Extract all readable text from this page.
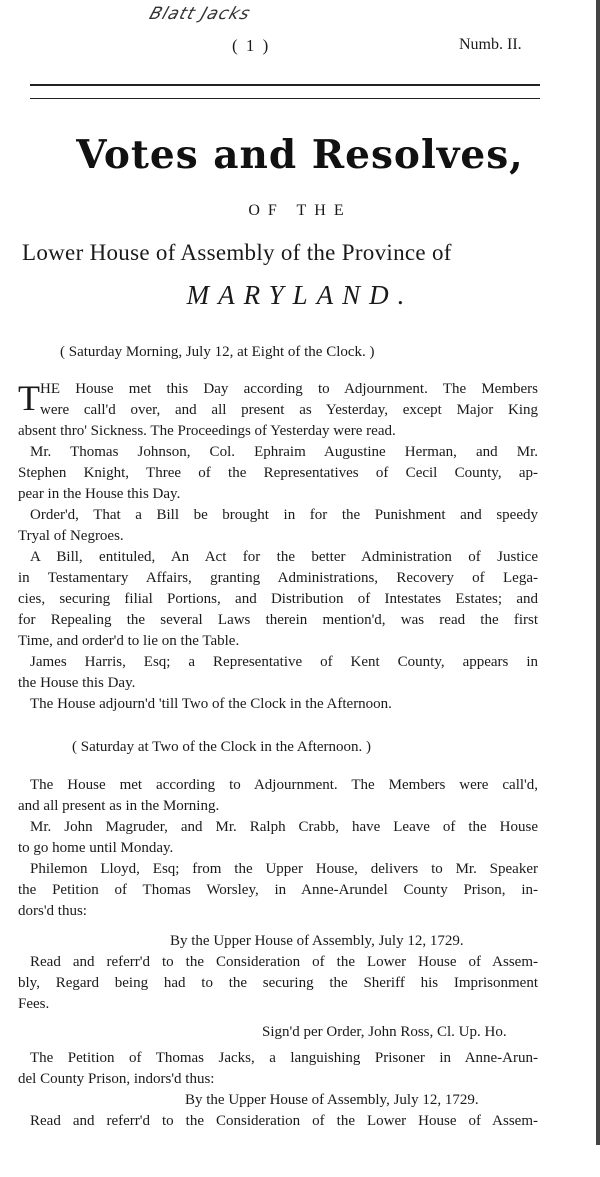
Blatt Jacks
( 1 )	Numb. II.
Votes and Resolves,
OF THE
Lower House of Assembly of the Province of
MARYLAND.
( Saturday Morning, July 12, at Eight of the Clock. )
T HE House met this Day according to Adjournment. The Members
were call'd over, and all present as Yesterday, except Major King
absent thro' Sickness. The Proceedings of Yesterday were read.
Mr. Thomas Johnson, Col. Ephraim Augustine Herman, and Mr.
Stephen Knight, Three of the Representatives of Cecil County, ap-
pear in the House this Day.
Order'd, That a Bill be brought in for the Punishment and speedy
Tryal of Negroes.
A Bill, entituled, An Act for the better Administration of Justice
in Testamentary Affairs, granting Administrations, Recovery of Lega-
cies, securing filial Portions, and Distribution of Intestates Estates; and
for Repealing the several Laws therein mention'd, was read the first
Time, and order'd to lie on the Table.
James Harris, Esq; a Representative of Kent County, appears in
the House this Day.
The House adjourn'd 'till Two of the Clock in the Afternoon.
( Saturday at Two of the Clock in the Afternoon. )
The House met according to Adjournment. The Members were call'd,
and all present as in the Morning.
Mr. John Magruder, and Mr. Ralph Crabb, have Leave of the House
to go home until Monday.
Philemon Lloyd, Esq; from the Upper House, delivers to Mr. Speaker
the Petition of Thomas Worsley, in Anne-Arundel County Prison, in-
dors'd thus:
By the Upper House of Assembly, July 12, 1729.
Read and referr'd to the Consideration of the Lower House of Assem-
bly, Regard being had to the securing the Sheriff his Imprisonment
Fees.
Sign'd per Order, John Ross, Cl. Up. Ho.
The Petition of Thomas Jacks, a languishing Prisoner in Anne-Arun-
del County Prison, indors'd thus:
By the Upper House of Assembly, July 12, 1729.
Read and referr'd to the Consideration of the Lower House of Assem-
